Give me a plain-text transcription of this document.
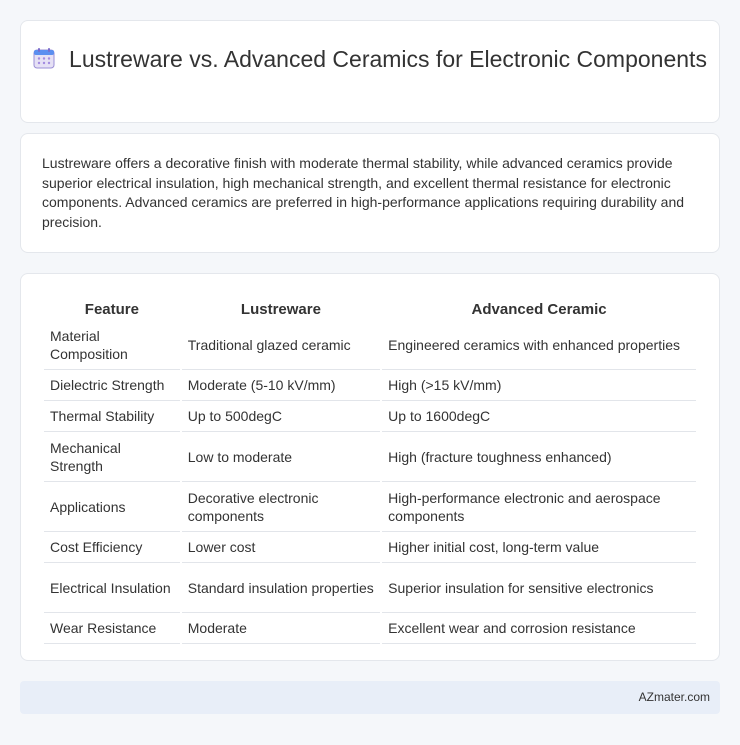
Lustreware vs. Advanced Ceramics for Electronic Components

Lustreware offers a decorative finish with moderate thermal stability, while advanced ceramics provide superior electrical insulation, high mechanical strength, and excellent thermal resistance for electronic components. Advanced ceramics are preferred in high-performance applications requiring durability and precision.

Feature	Lustreware	Advanced Ceramic
Material Composition	Traditional glazed ceramic	Engineered ceramics with enhanced properties
Dielectric Strength	Moderate (5-10 kV/mm)	High (>15 kV/mm)
Thermal Stability	Up to 500degC	Up to 1600degC
Mechanical Strength	Low to moderate	High (fracture toughness enhanced)
Applications	Decorative electronic components	High-performance electronic and aerospace components
Cost Efficiency	Lower cost	Higher initial cost, long-term value
Electrical Insulation	Standard insulation properties	Superior insulation for sensitive electronics
Wear Resistance	Moderate	Excellent wear and corrosion resistance
AZmater.com
